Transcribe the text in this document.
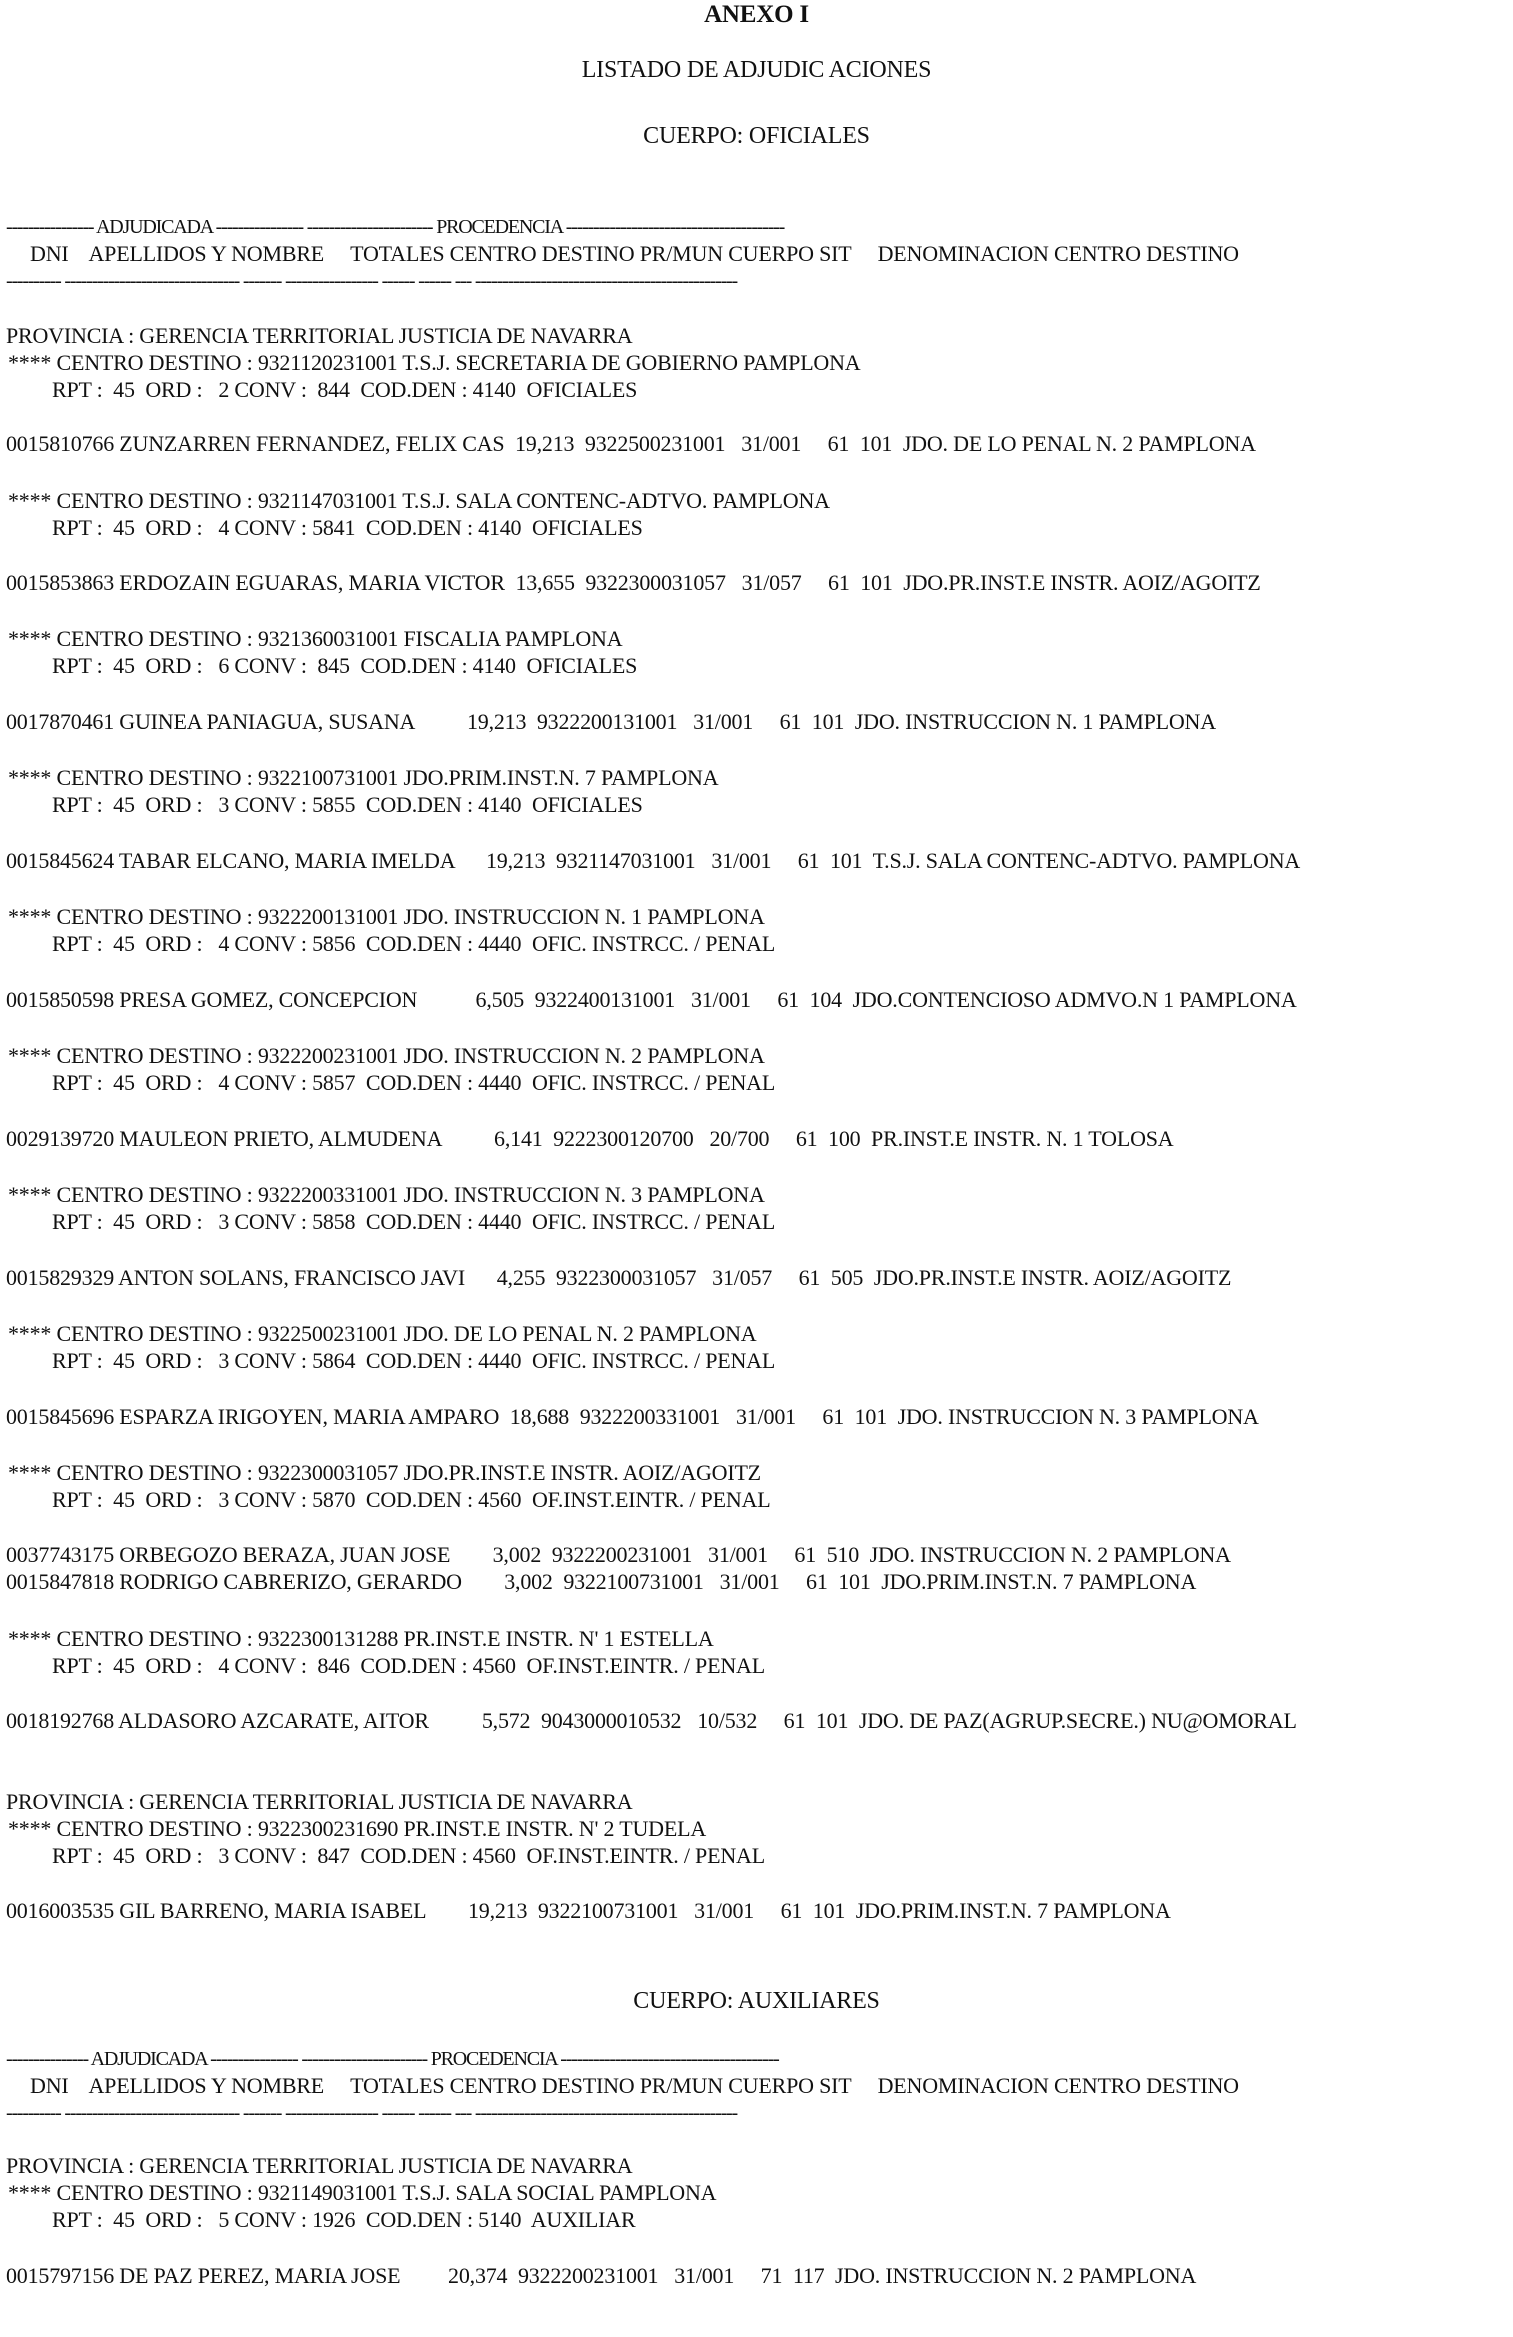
ANEXO I
LISTADO DE ADJUDIC ACIONES
CUERPO: OFICIALES
---------------- ADJUDICADA ---------------- ----------------------- PROCEDENCIA ----------------------------------------
DNI    APELLIDOS Y NOMBRE     TOTALES CENTRO DESTINO PR/MUN CUERPO SIT     DENOMINACION CENTRO DESTINO
---------- -------------------------------- ------- ----------------- ------ ------ --- ------------------------------------------------
PROVINCIA : GERENCIA TERRITORIAL JUSTICIA DE NAVARRA
**** CENTRO DESTINO : 9321120231001 T.S.J. SECRETARIA DE GOBIERNO PAMPLONA
RPT :  45  ORD :   2 CONV :  844  COD.DEN : 4140  OFICIALES
0015810766 ZUNZARREN FERNANDEZ, FELIX CAS  19,213  9322500231001   31/001     61  101  JDO. DE LO PENAL N. 2 PAMPLONA
**** CENTRO DESTINO : 9321147031001 T.S.J. SALA CONTENC-ADTVO. PAMPLONA
RPT :  45  ORD :   4 CONV : 5841  COD.DEN : 4140  OFICIALES
0015853863 ERDOZAIN EGUARAS, MARIA VICTOR  13,655  9322300031057   31/057     61  101  JDO.PR.INST.E INSTR. AOIZ/AGOITZ
**** CENTRO DESTINO : 9321360031001 FISCALIA PAMPLONA
RPT :  45  ORD :   6 CONV :  845  COD.DEN : 4140  OFICIALES
0017870461 GUINEA PANIAGUA, SUSANA          19,213  9322200131001   31/001     61  101  JDO. INSTRUCCION N. 1 PAMPLONA
**** CENTRO DESTINO : 9322100731001 JDO.PRIM.INST.N. 7 PAMPLONA
RPT :  45  ORD :   3 CONV : 5855  COD.DEN : 4140  OFICIALES
0015845624 TABAR ELCANO, MARIA IMELDA      19,213  9321147031001   31/001     61  101  T.S.J. SALA CONTENC-ADTVO. PAMPLONA
**** CENTRO DESTINO : 9322200131001 JDO. INSTRUCCION N. 1 PAMPLONA
RPT :  45  ORD :   4 CONV : 5856  COD.DEN : 4440  OFIC. INSTRCC. / PENAL
0015850598 PRESA GOMEZ, CONCEPCION           6,505  9322400131001   31/001     61  104  JDO.CONTENCIOSO ADMVO.N 1 PAMPLONA
**** CENTRO DESTINO : 9322200231001 JDO. INSTRUCCION N. 2 PAMPLONA
RPT :  45  ORD :   4 CONV : 5857  COD.DEN : 4440  OFIC. INSTRCC. / PENAL
0029139720 MAULEON PRIETO, ALMUDENA          6,141  9222300120700   20/700     61  100  PR.INST.E INSTR. N. 1 TOLOSA
**** CENTRO DESTINO : 9322200331001 JDO. INSTRUCCION N. 3 PAMPLONA
RPT :  45  ORD :   3 CONV : 5858  COD.DEN : 4440  OFIC. INSTRCC. / PENAL
0015829329 ANTON SOLANS, FRANCISCO JAVI      4,255  9322300031057   31/057     61  505  JDO.PR.INST.E INSTR. AOIZ/AGOITZ
**** CENTRO DESTINO : 9322500231001 JDO. DE LO PENAL N. 2 PAMPLONA
RPT :  45  ORD :   3 CONV : 5864  COD.DEN : 4440  OFIC. INSTRCC. / PENAL
0015845696 ESPARZA IRIGOYEN, MARIA AMPARO  18,688  9322200331001   31/001     61  101  JDO. INSTRUCCION N. 3 PAMPLONA
**** CENTRO DESTINO : 9322300031057 JDO.PR.INST.E INSTR. AOIZ/AGOITZ
RPT :  45  ORD :   3 CONV : 5870  COD.DEN : 4560  OF.INST.EINTR. / PENAL
0037743175 ORBEGOZO BERAZA, JUAN JOSE        3,002  9322200231001   31/001     61  510  JDO. INSTRUCCION N. 2 PAMPLONA
0015847818 RODRIGO CABRERIZO, GERARDO        3,002  9322100731001   31/001     61  101  JDO.PRIM.INST.N. 7 PAMPLONA
**** CENTRO DESTINO : 9322300131288 PR.INST.E INSTR. N' 1 ESTELLA
RPT :  45  ORD :   4 CONV :  846  COD.DEN : 4560  OF.INST.EINTR. / PENAL
0018192768 ALDASORO AZCARATE, AITOR          5,572  9043000010532   10/532     61  101  JDO. DE PAZ(AGRUP.SECRE.) NU@OMORAL
PROVINCIA : GERENCIA TERRITORIAL JUSTICIA DE NAVARRA
**** CENTRO DESTINO : 9322300231690 PR.INST.E INSTR. N' 2 TUDELA
RPT :  45  ORD :   3 CONV :  847  COD.DEN : 4560  OF.INST.EINTR. / PENAL
0016003535 GIL BARRENO, MARIA ISABEL        19,213  9322100731001   31/001     61  101  JDO.PRIM.INST.N. 7 PAMPLONA
CUERPO: AUXILIARES
--------------- ADJUDICADA ---------------- ----------------------- PROCEDENCIA ----------------------------------------
DNI    APELLIDOS Y NOMBRE     TOTALES CENTRO DESTINO PR/MUN CUERPO SIT     DENOMINACION CENTRO DESTINO
---------- -------------------------------- ------- ----------------- ------ ------ --- ------------------------------------------------
PROVINCIA : GERENCIA TERRITORIAL JUSTICIA DE NAVARRA
**** CENTRO DESTINO : 9321149031001 T.S.J. SALA SOCIAL PAMPLONA
RPT :  45  ORD :   5 CONV : 1926  COD.DEN : 5140  AUXILIAR
0015797156 DE PAZ PEREZ, MARIA JOSE         20,374  9322200231001   31/001     71  117  JDO. INSTRUCCION N. 2 PAMPLONA
